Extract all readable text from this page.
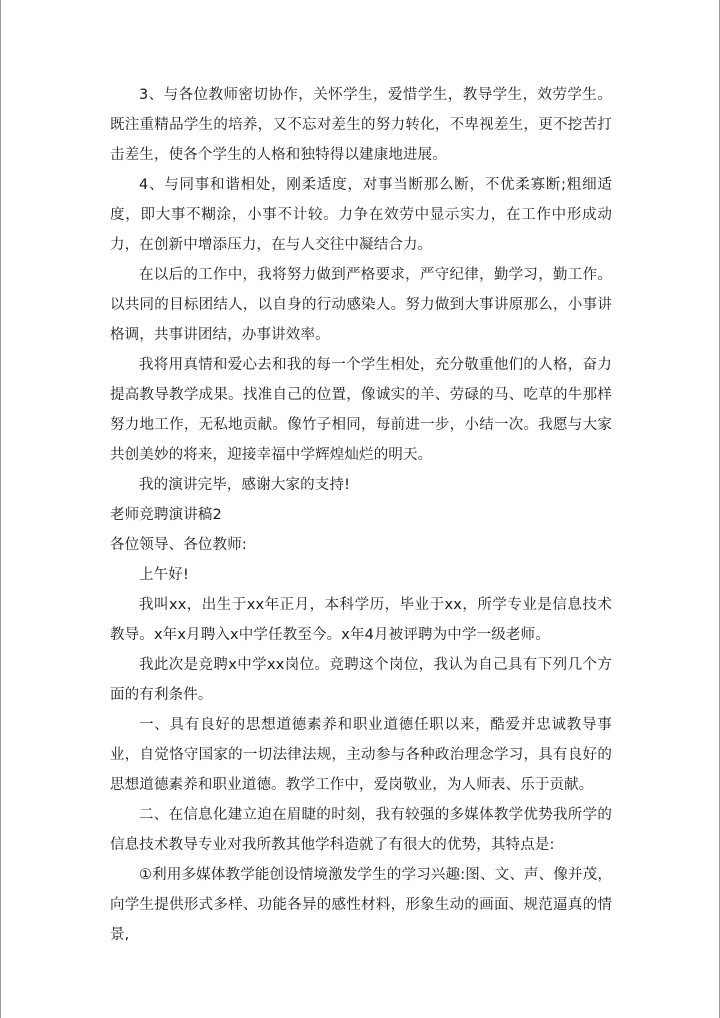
3、与各位教师密切协作，关怀学生，爱惜学生，教导学生，效劳学生。既注重精品学生的培养，又不忘对差生的努力转化，不卑视差生，更不挖苦打击差生，使各个学生的人格和独特得以建康地进展。

4、与同事和谐相处，刚柔适度，对事当断那么断，不优柔寡断;粗细适度，即大事不糊涂，小事不计较。力争在效劳中显示实力，在工作中形成动力，在创新中增添压力，在与人交往中凝结合力。

在以后的工作中，我将努力做到严格要求，严守纪律，勤学习，勤工作。以共同的目标团结人，以自身的行动感染人。努力做到大事讲原那么，小事讲格调，共事讲团结，办事讲效率。

我将用真情和爱心去和我的每一个学生相处，充分敬重他们的人格，奋力提高教导教学成果。找准自己的位置，像诚实的羊、劳碌的马、吃草的牛那样努力地工作，无私地贡献。像竹子相同，每前进一步，小结一次。我愿与大家共创美妙的将来，迎接幸福中学辉煌灿烂的明天。

我的演讲完毕，感谢大家的支持!

老师竞聘演讲稿2

各位领导、各位教师:

上午好!

我叫xx，出生于xx年正月，本科学历，毕业于xx，所学专业是信息技术教导。x年x月聘入x中学任教至今。x年4月被评聘为中学一级老师。

我此次是竞聘x中学xx岗位。竞聘这个岗位，我认为自己具有下列几个方面的有利条件。

一、具有良好的思想道德素养和职业道德任职以来，酷爱并忠诚教导事业，自觉恪守国家的一切法律法规，主动参与各种政治理念学习，具有良好的思想道德素养和职业道德。教学工作中，爱岗敬业，为人师表、乐于贡献。

二、在信息化建立迫在眉睫的时刻，我有较强的多媒体教学优势我所学的信息技术教导专业对我所教其他学科造就了有很大的优势，其特点是:

①利用多媒体教学能创设情境激发学生的学习兴趣:图、文、声、像并茂，向学生提供形式多样、功能各异的感性材料，形象生动的画面、规范逼真的情景,
